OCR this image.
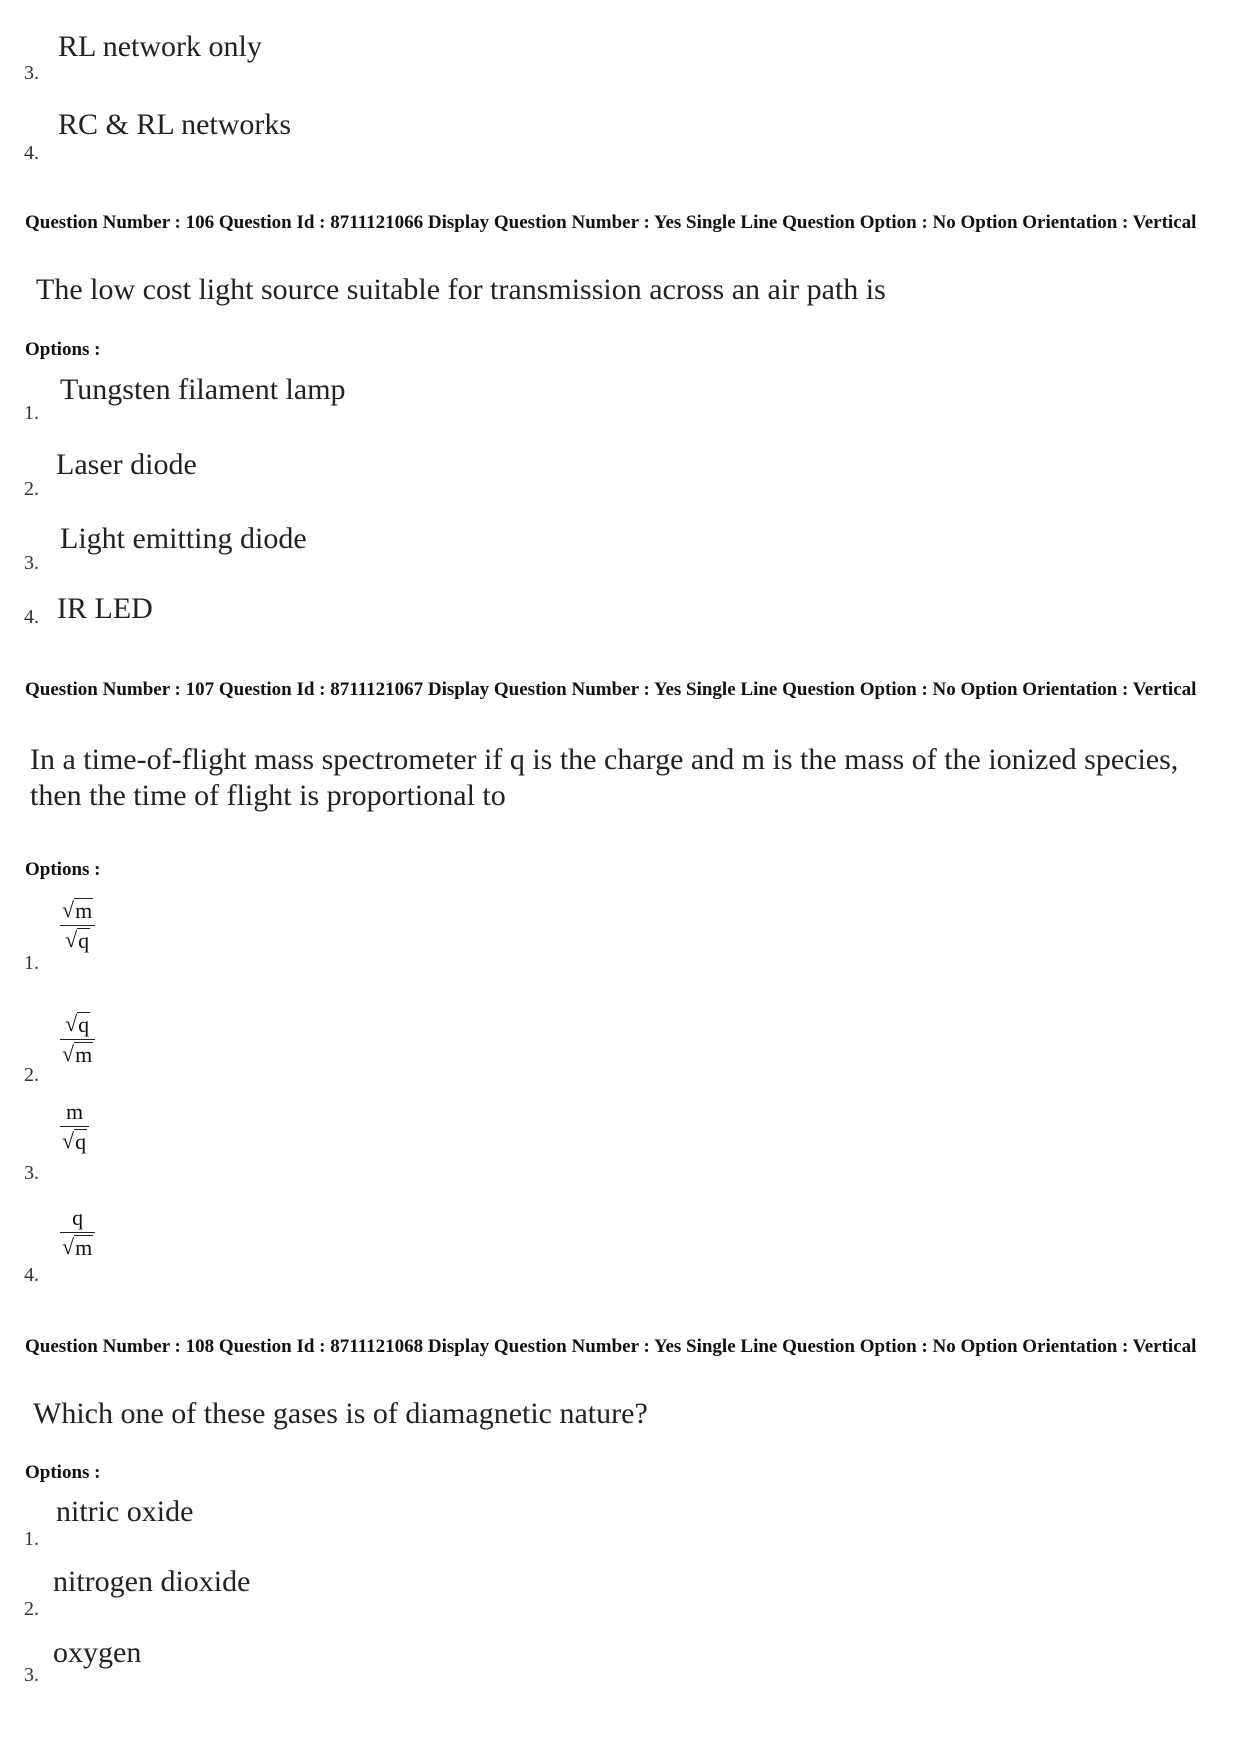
RL network only
3.
RC & RL networks
4.
Question Number : 106 Question Id : 8711121066 Display Question Number : Yes Single Line Question Option : No Option Orientation : Vertical
The low cost light source suitable for transmission across an air path is
Options :
Tungsten filament lamp
1.
Laser diode
2.
Light emitting diode
3.
IR LED
4.
Question Number : 107 Question Id : 8711121067 Display Question Number : Yes Single Line Question Option : No Option Orientation : Vertical
In a time-of-flight mass spectrometer if q is the charge and m is the mass of the ionized species, then the time of flight is proportional to
Options :
√ m
√ q
1.
√ q
√ m
2.
m
√ q
3.
q
√ m
4.
Question Number : 108 Question Id : 8711121068 Display Question Number : Yes Single Line Question Option : No Option Orientation : Vertical
Which one of these gases is of diamagnetic nature?
Options :
nitric oxide
1.
nitrogen dioxide
2.
oxygen
3.
